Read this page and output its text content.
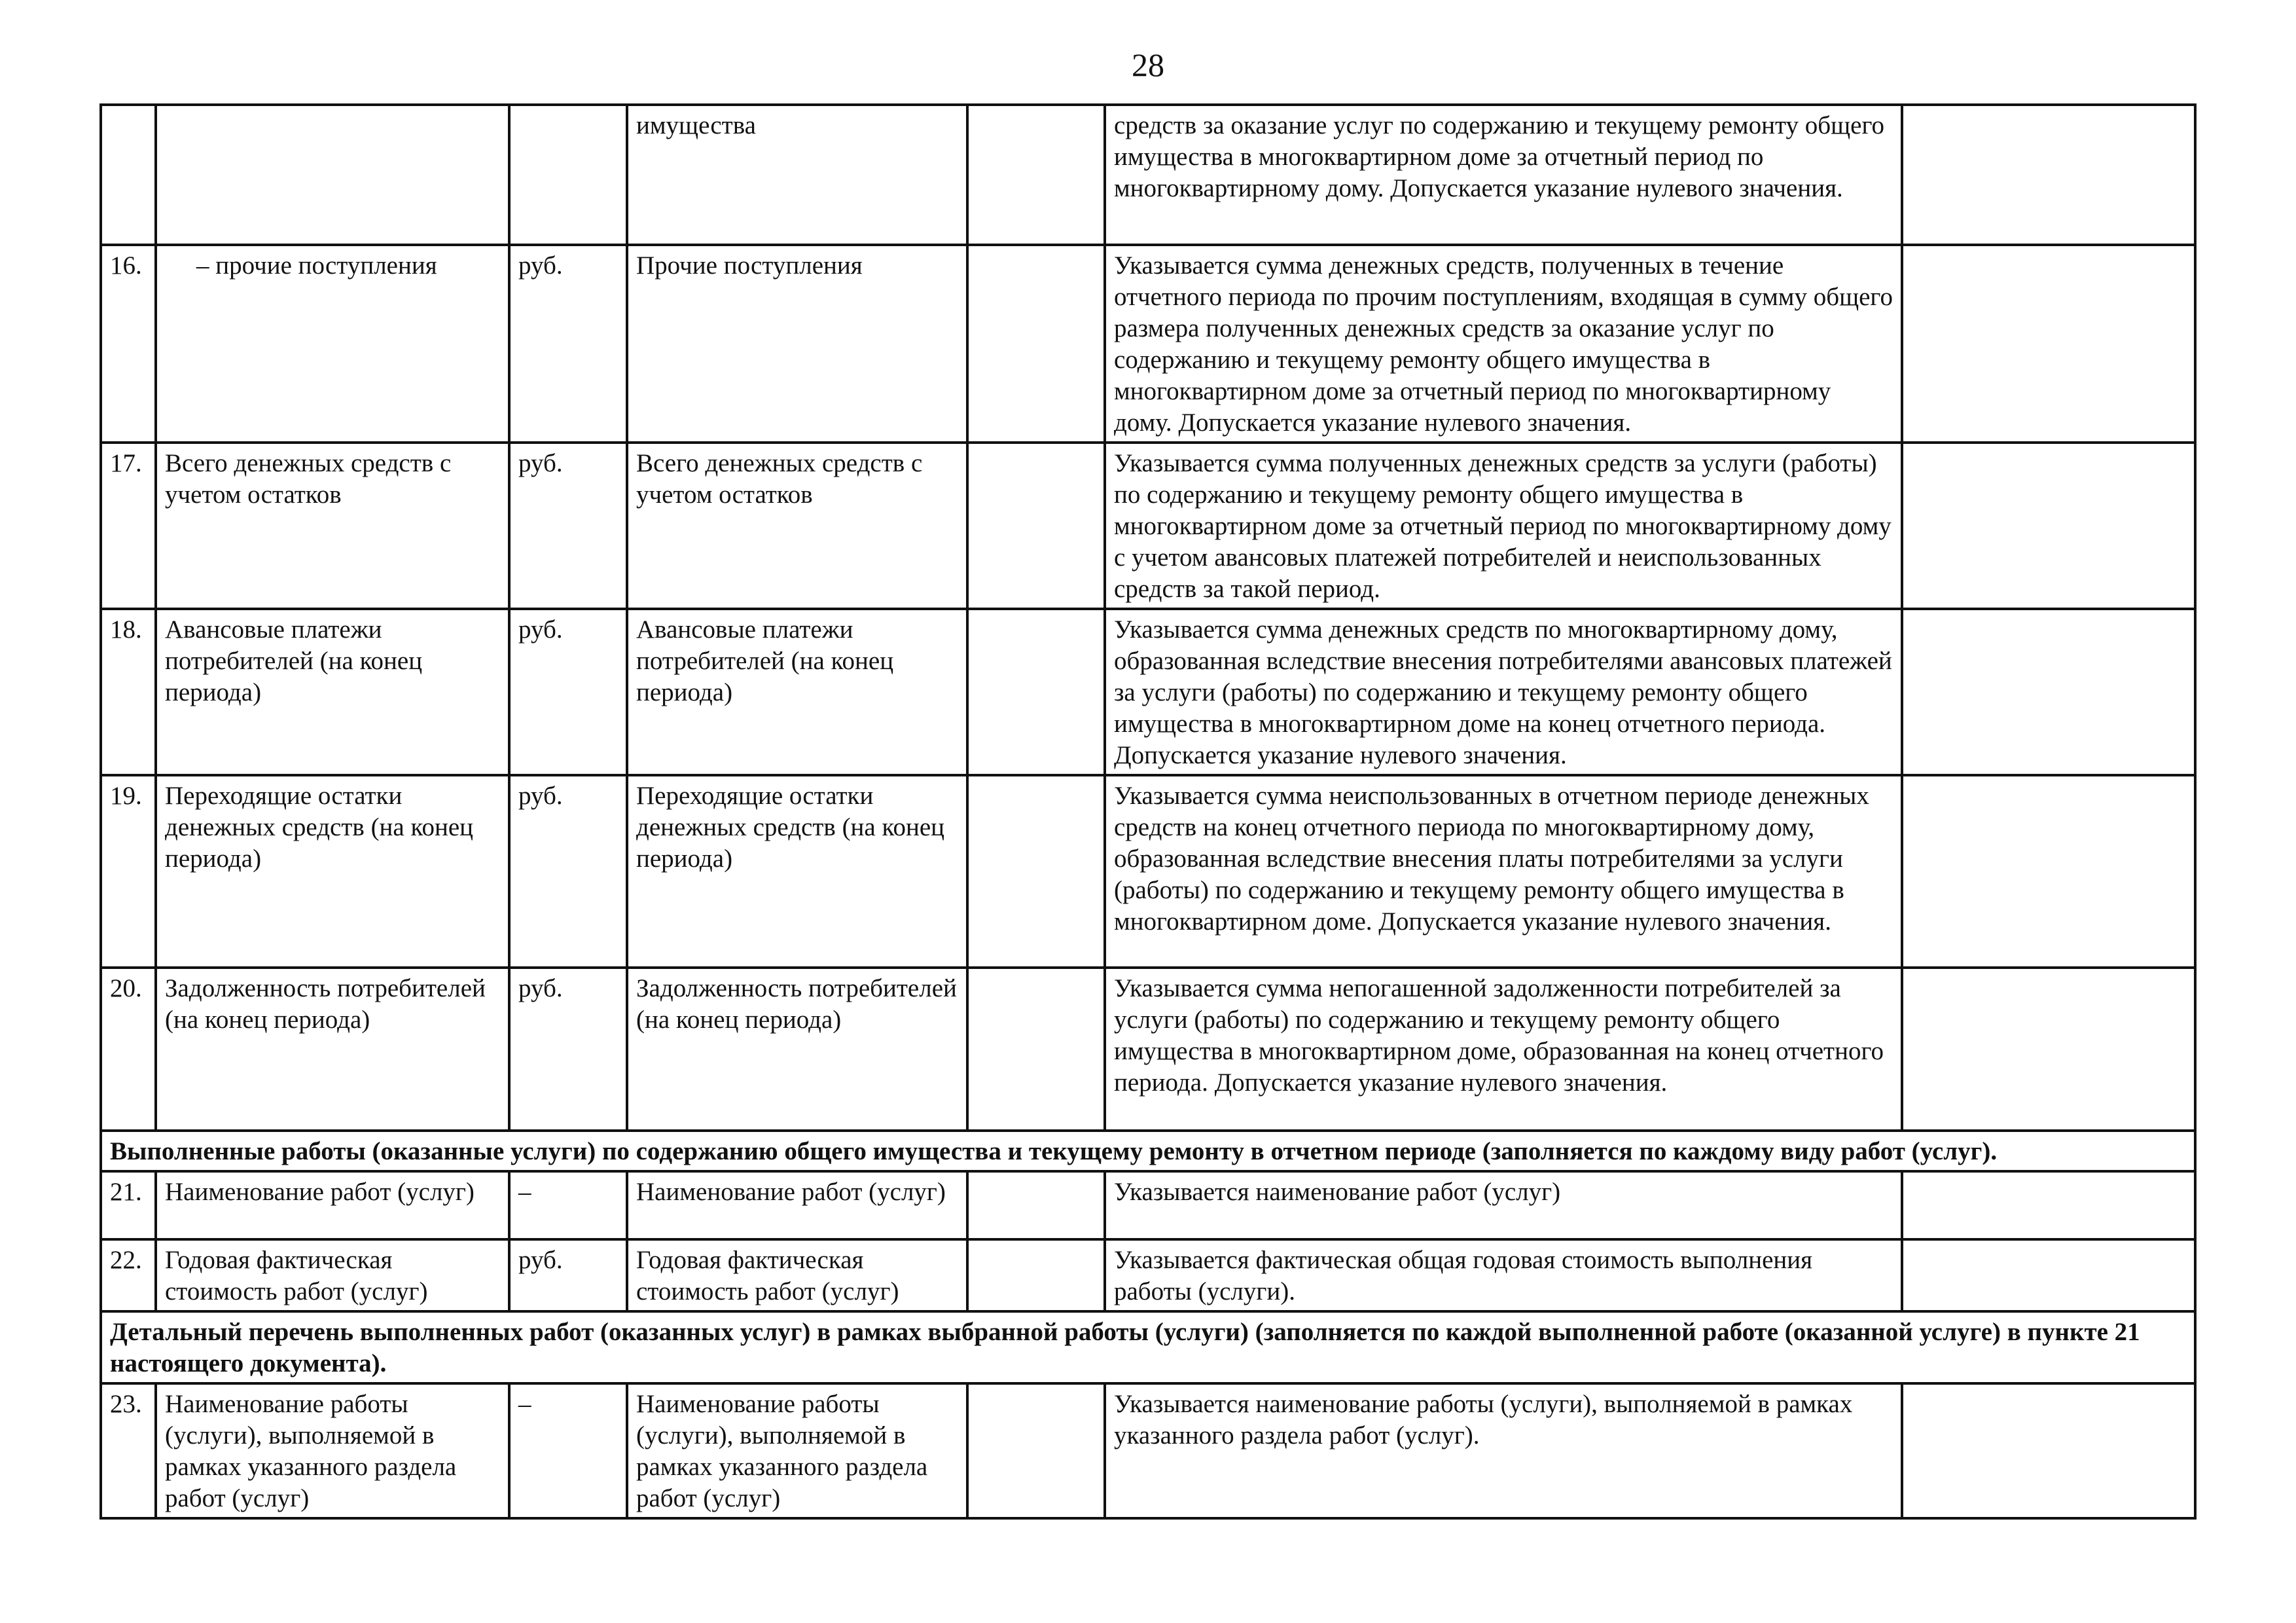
28
			имущества		средств за оказание услуг по содержанию и текущему ремонту общего имущества в многоквартирном доме за отчетный период по многоквартирному дому. Допускается указание нулевого значения.	
16.	– прочие поступления	руб.	Прочие поступления		Указывается сумма денежных средств, полученных в течение отчетного периода по прочим поступлениям, входящая в сумму общего размера полученных денежных средств за оказание услуг по содержанию и текущему ремонту общего имущества в многоквартирном доме за отчетный период по многоквартирному дому. Допускается указание нулевого значения.	
17.	Всего денежных средств с учетом остатков	руб.	Всего денежных средств с учетом остатков		Указывается сумма полученных денежных средств за услуги (работы) по содержанию и текущему ремонту общего имущества в многоквартирном доме за отчетный период по многоквартирному дому с учетом авансовых платежей потребителей и неиспользованных средств за такой период.	
18.	Авансовые платежи потребителей (на конец периода)	руб.	Авансовые платежи потребителей (на конец периода)		Указывается сумма денежных средств по многоквартирному дому, образованная вследствие внесения потребителями авансовых платежей за услуги (работы) по содержанию и текущему ремонту общего имущества в многоквартирном доме на конец отчетного периода. Допускается указание нулевого значения.	
19.	Переходящие остатки денежных средств (на конец периода)	руб.	Переходящие остатки денежных средств (на конец периода)		Указывается сумма неиспользованных в отчетном периоде денежных средств на конец отчетного периода по многоквартирному дому, образованная вследствие внесения платы потребителями за услуги (работы) по содержанию и текущему ремонту общего имущества в многоквартирном доме. Допускается указание нулевого значения.	
20.	Задолженность потребителей (на конец периода)	руб.	Задолженность потребителей (на конец периода)		Указывается сумма непогашенной задолженности потребителей за услуги (работы) по содержанию и текущему ремонту общего имущества в многоквартирном доме, образованная на конец отчетного периода. Допускается указание нулевого значения.	
Выполненные работы (оказанные услуги) по содержанию общего имущества и текущему ремонту в отчетном периоде (заполняется по каждому виду работ (услуг).						
21.	Наименование работ (услуг)	–	Наименование работ (услуг)		Указывается наименование работ (услуг)	
22.	Годовая фактическая стоимость работ (услуг)	руб.	Годовая фактическая стоимость работ (услуг)		Указывается фактическая общая годовая стоимость выполнения работы (услуги).	
Детальный перечень выполненных работ (оказанных услуг) в рамках выбранной работы (услуги) (заполняется по каждой выполненной работе (оказанной услуге) в пункте 21 настоящего документа).						
23.	Наименование работы (услуги), выполняемой в рамках указанного раздела работ (услуг)	–	Наименование работы (услуги), выполняемой в рамках указанного раздела работ (услуг)		Указывается наименование работы (услуги), выполняемой в рамках указанного раздела работ (услуг).	
